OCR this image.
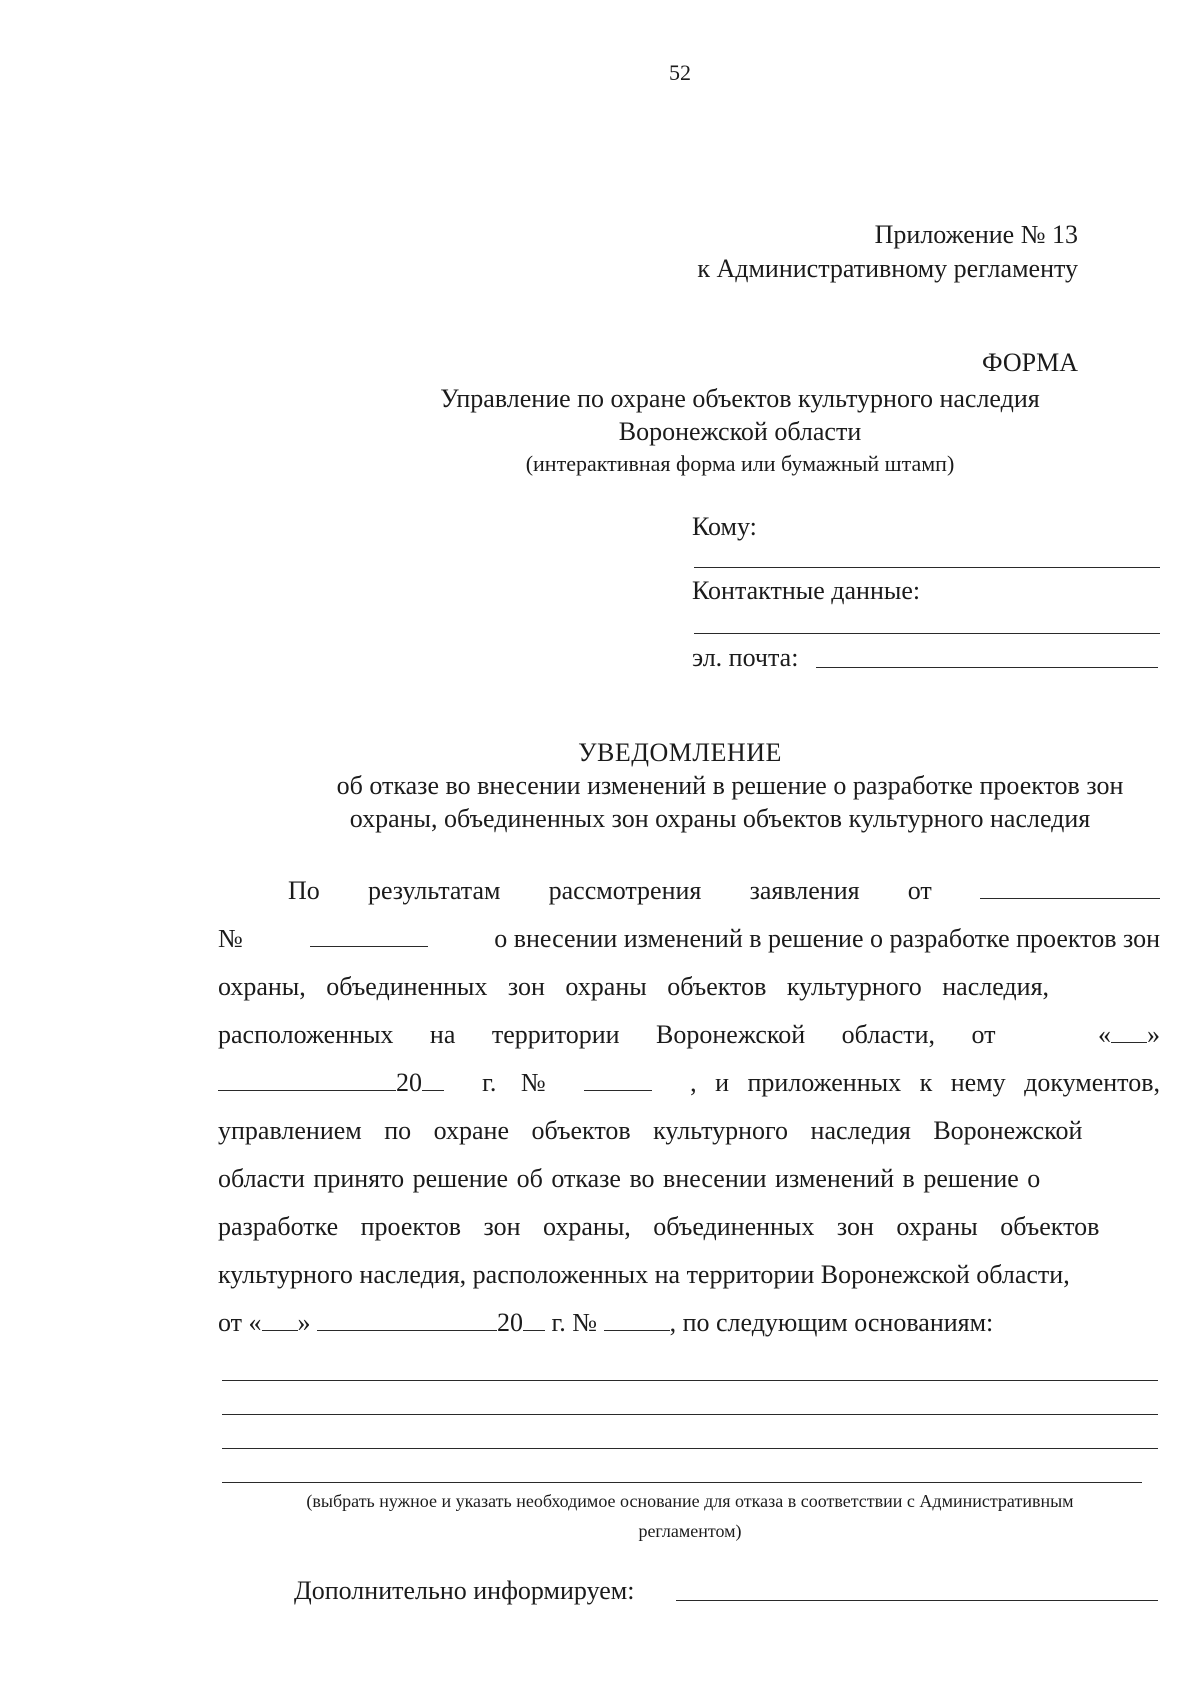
52
Приложение № 13
к Административному регламенту
ФОРМА
Управление по охране объектов культурного наследия
Воронежской области
(интерактивная форма или бумажный штамп)
Кому:
Контактные данные:
эл. почта:
УВЕДОМЛЕНИЕ
об отказе во внесении изменений в решение о разработке проектов зон
охраны, объединенных зон охраны объектов культурного наследия
По результатам рассмотрения заявления от
№	о внесении изменений в решение о разработке проектов зон
охраны, объединенных зон охраны объектов культурного наследия,
расположенных на территории Воронежской области, от	« »
20	г. №	, и приложенных к нему документов,
управлением по охране объектов культурного наследия Воронежской
области принято решение об отказе во внесении изменений в решение о
разработке проектов зон охраны, объединенных зон охраны объектов
культурного наследия, расположенных на территории Воронежской области,
от « »	20 г. №	, по следующим основаниям:
(выбрать нужное и указать необходимое основание для отказа в соответствии с Административным
регламентом)
Дополнительно информируем:
